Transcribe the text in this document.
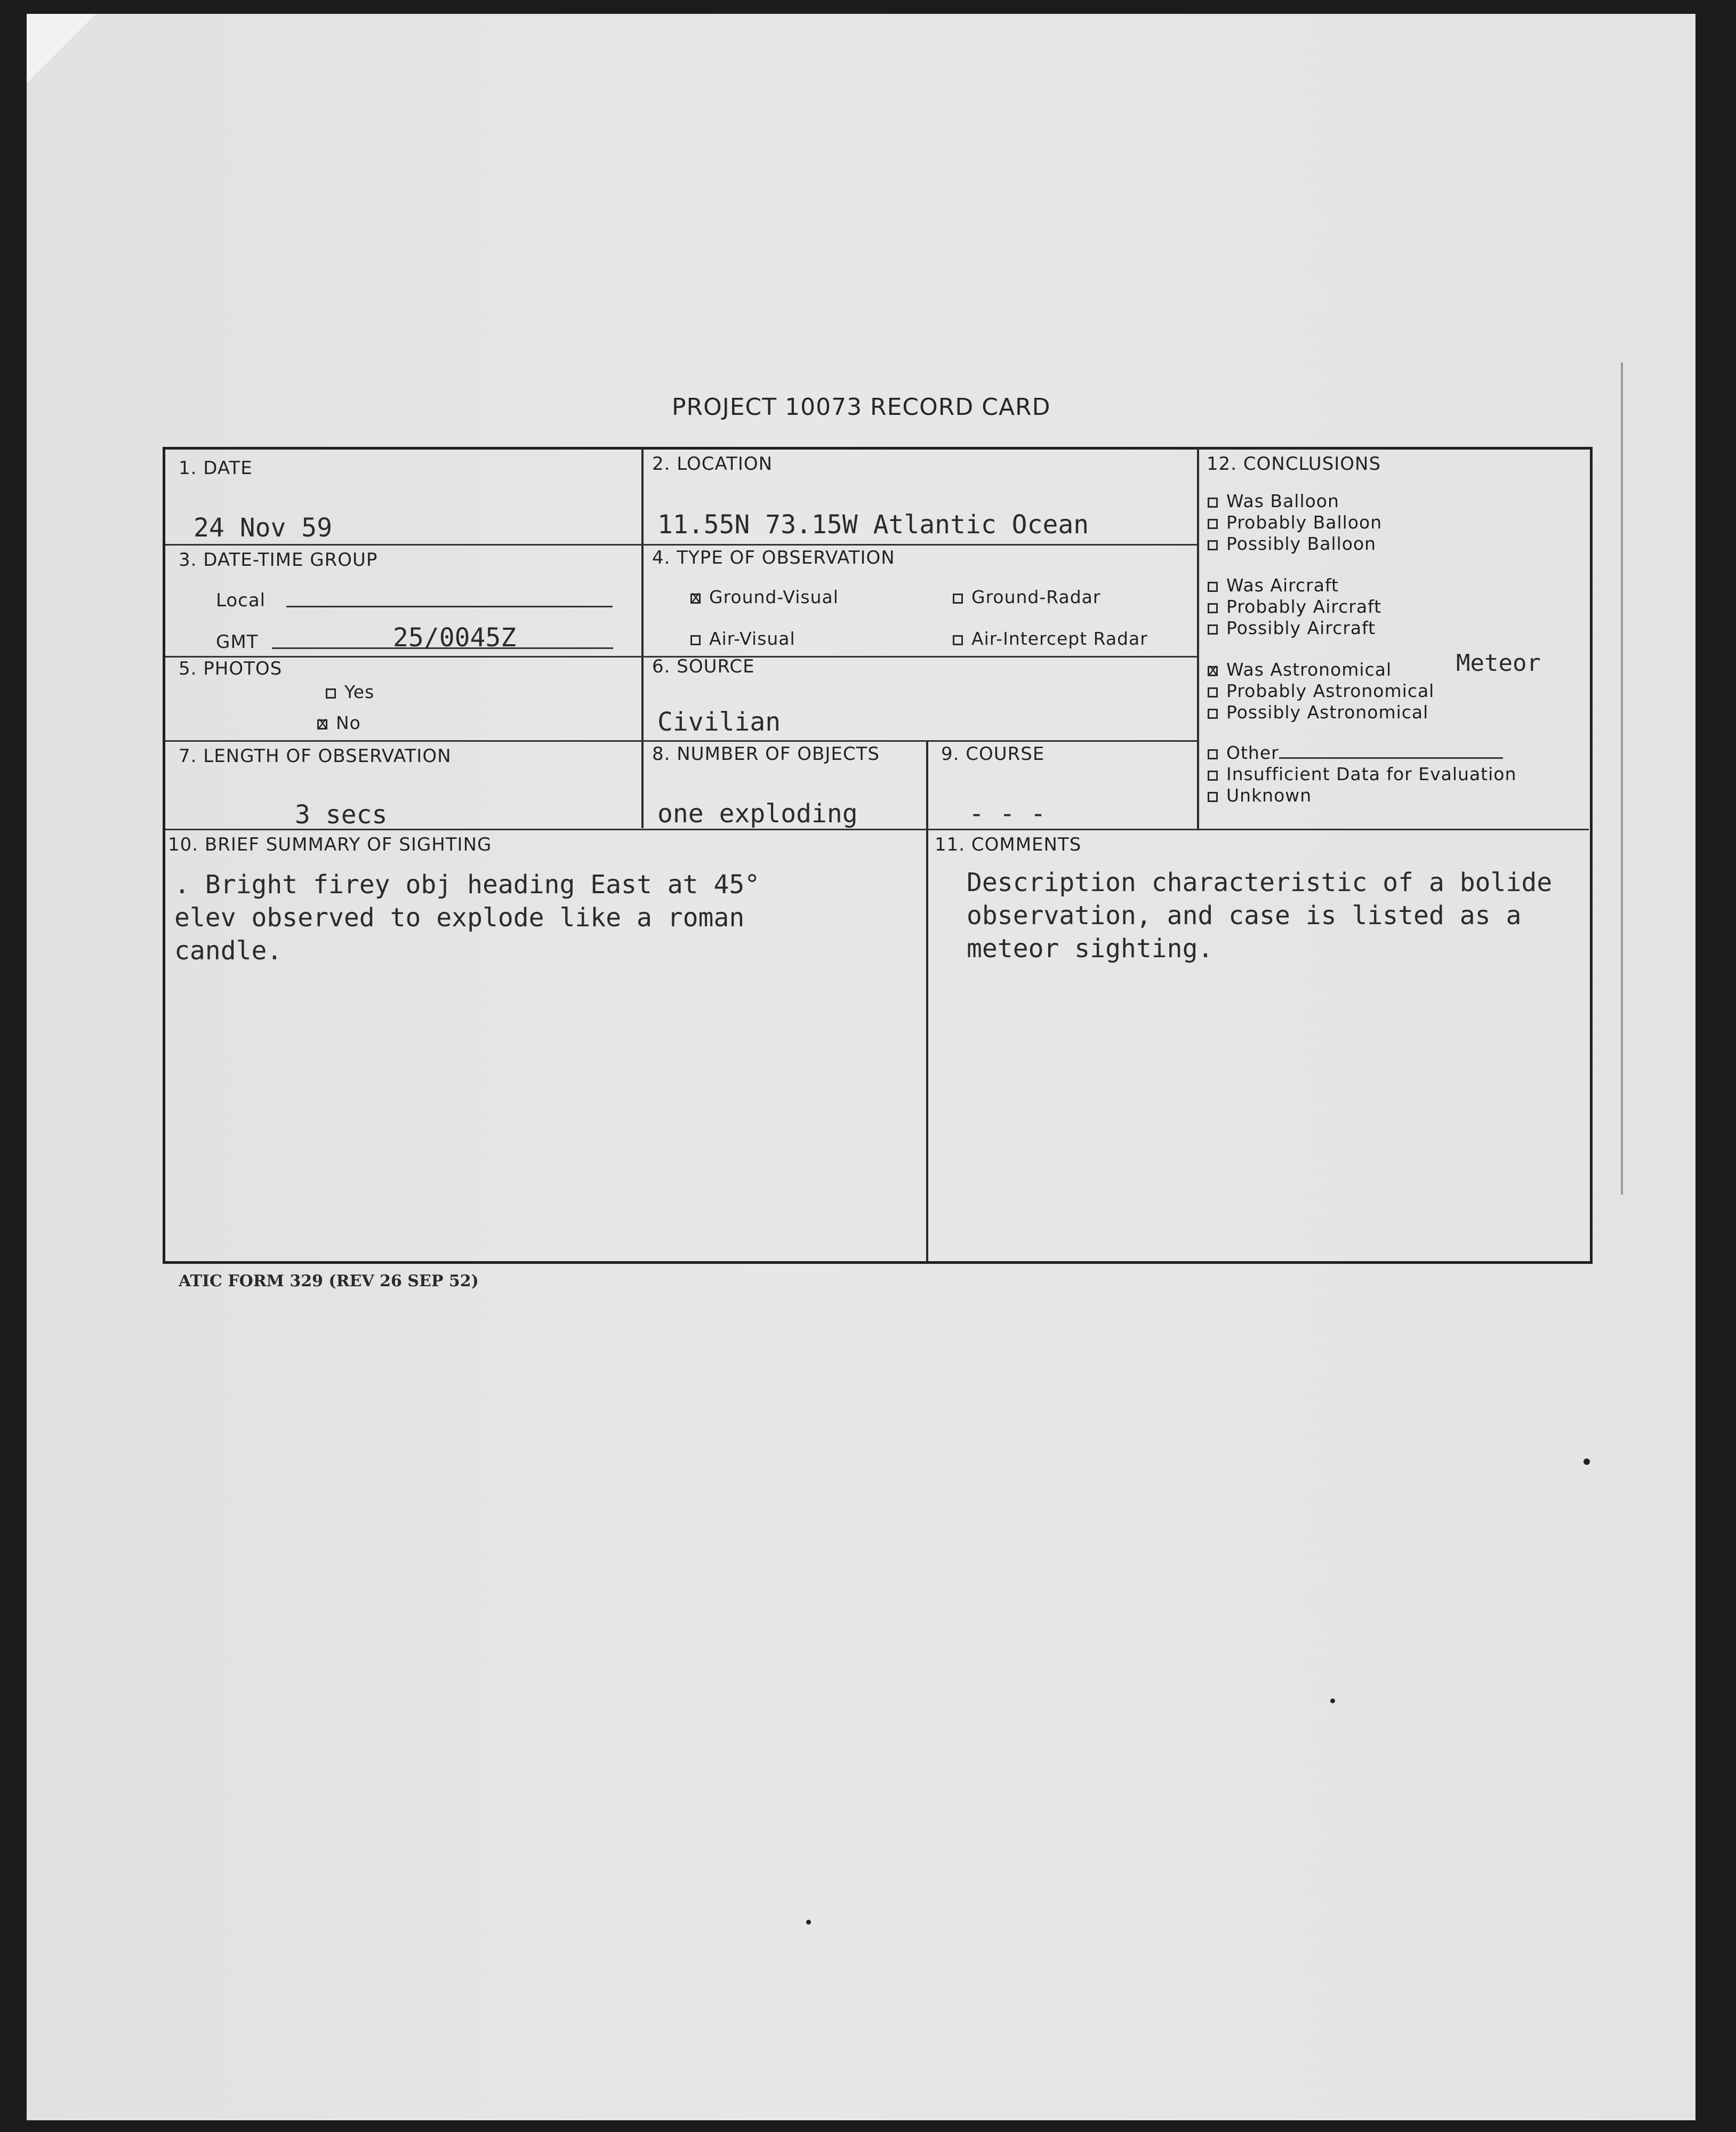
PROJECT 10073 RECORD CARD
1. DATE
24 Nov 59
2. LOCATION
11.55N 73.15W Atlantic Ocean
3. DATE-TIME GROUP
Local
GMT	25/0045Z
4. TYPE OF OBSERVATION
xGround-Visual	Ground-Radar
Air-Visual	Air-Intercept Radar
5. PHOTOS
Yes
xNo
6. SOURCE
Civilian
7. LENGTH OF OBSERVATION
3 secs
8. NUMBER OF OBJECTS
one exploding
9. COURSE
- - -
10. BRIEF SUMMARY OF SIGHTING
. Bright firey obj heading East at 45° elev observed to explode like a roman candle.
11. COMMENTS
Description characteristic of a bolide observation, and case is listed as a meteor sighting.
12. CONCLUSIONS
Was Balloon
Probably Balloon
Possibly Balloon
Was Aircraft
Probably Aircraft
Possibly Aircraft
xWas Astronomical
Probably Astronomical
Possibly Astronomical
Other
Insufficient Data for Evaluation
Unknown
Meteor
ATIC FORM 329 (REV 26 SEP 52)
